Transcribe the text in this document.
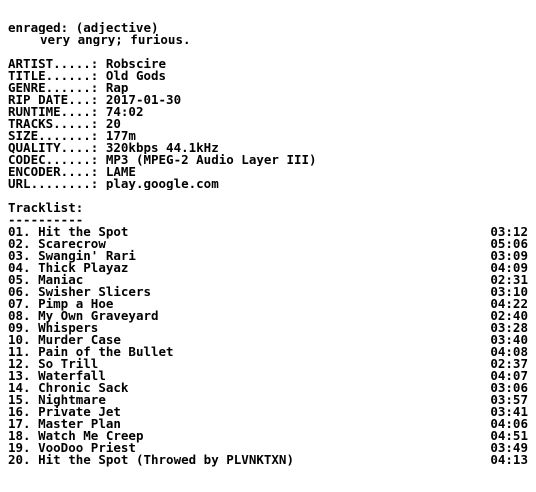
enraged: (adjective)
very angry; furious.
ARTIST.....: Robscire
TITLE......: Old Gods
GENRE......: Rap
RIP DATE...: 2017-01-30
RUNTIME....: 74:02
TRACKS.....: 20
SIZE.......: 177m
QUALITY....: 320kbps 44.1kHz
CODEC......: MP3 (MPEG-2 Audio Layer III)
ENCODER....: LAME
URL........: play.google.com
Tracklist:
----------
01. Hit the Spot	03:12
02. Scarecrow	05:06
03. Swangin' Rari	03:09
04. Thick Playaz	04:09
05. Maniac	02:31
06. Swisher Slicers	03:10
07. Pimp a Hoe	04:22
08. My Own Graveyard	02:40
09. Whispers	03:28
10. Murder Case	03:40
11. Pain of the Bullet	04:08
12. So Trill	02:37
13. Waterfall	04:07
14. Chronic Sack	03:06
15. Nightmare	03:57
16. Private Jet	03:41
17. Master Plan	04:06
18. Watch Me Creep	04:51
19. VooDoo Priest	03:49
20. Hit the Spot (Throwed by PLVNKTXN)	04:13
